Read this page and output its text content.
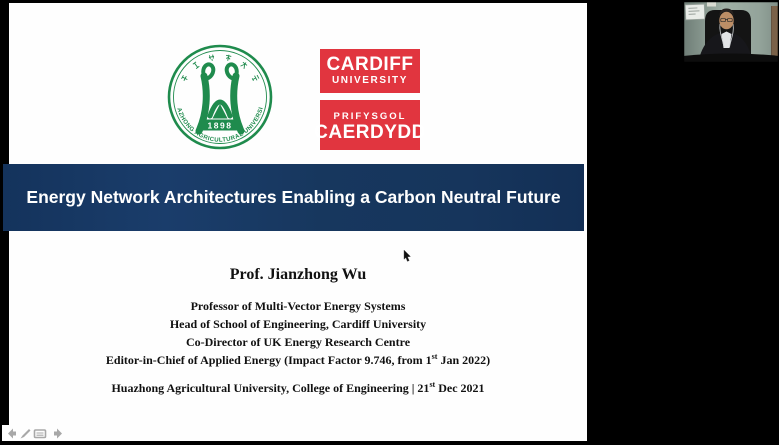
1898
HUAZHONG AGRICULTURAL UNIVERSITY
CARDIFF
UNIVERSITY
PRIFYSGOL
CAERDYDD
Energy Network Architectures Enabling a Carbon Neutral Future
Prof. Jianzhong Wu
Professor of Multi-Vector Energy Systems
Head of School of Engineering, Cardiff University
Co-Director of UK Energy Research Centre
Editor-in-Chief of Applied Energy (Impact Factor 9.746, from 1st Jan 2022)
Huazhong Agricultural University, College of Engineering | 21st Dec 2021
